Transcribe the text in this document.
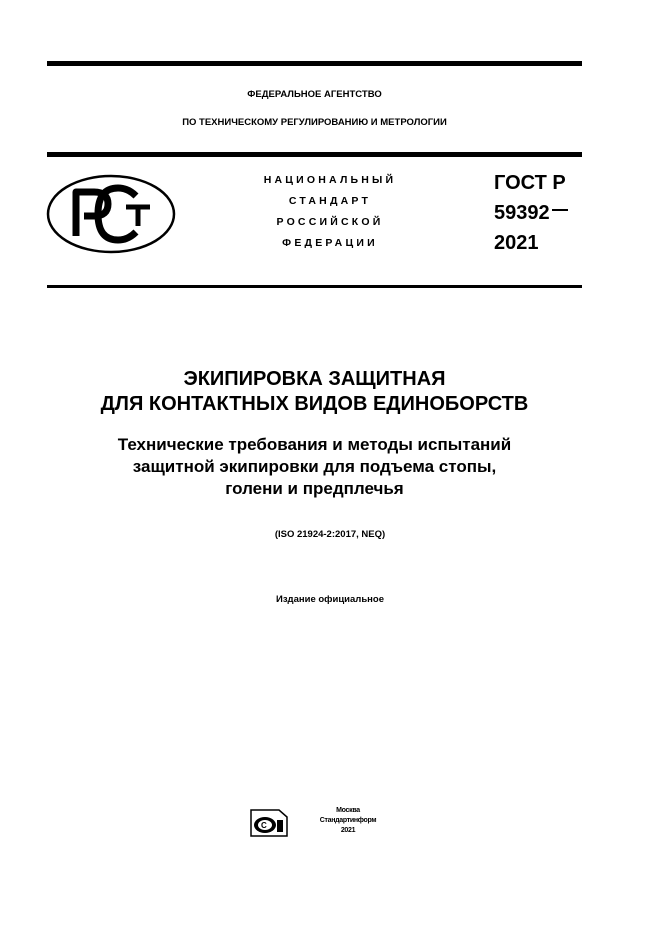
ФЕДЕРАЛЬНОЕ АГЕНТСТВО
ПО ТЕХНИЧЕСКОМУ РЕГУЛИРОВАНИЮ И МЕТРОЛОГИИ
НАЦИОНАЛЬНЫЙ
СТАНДАРТ
РОССИЙСКОЙ
ФЕДЕРАЦИИ
ГОСТ Р
59392
2021
ЭКИПИРОВКА ЗАЩИТНАЯ
ДЛЯ КОНТАКТНЫХ ВИДОВ ЕДИНОБОРСТВ
Технические требования и методы испытаний
защитной экипировки для подъема стопы,
голени и предплечья
(ISO 21924-2:2017, NEQ)
Издание официальное
C
Москва
Стандартинформ
2021
